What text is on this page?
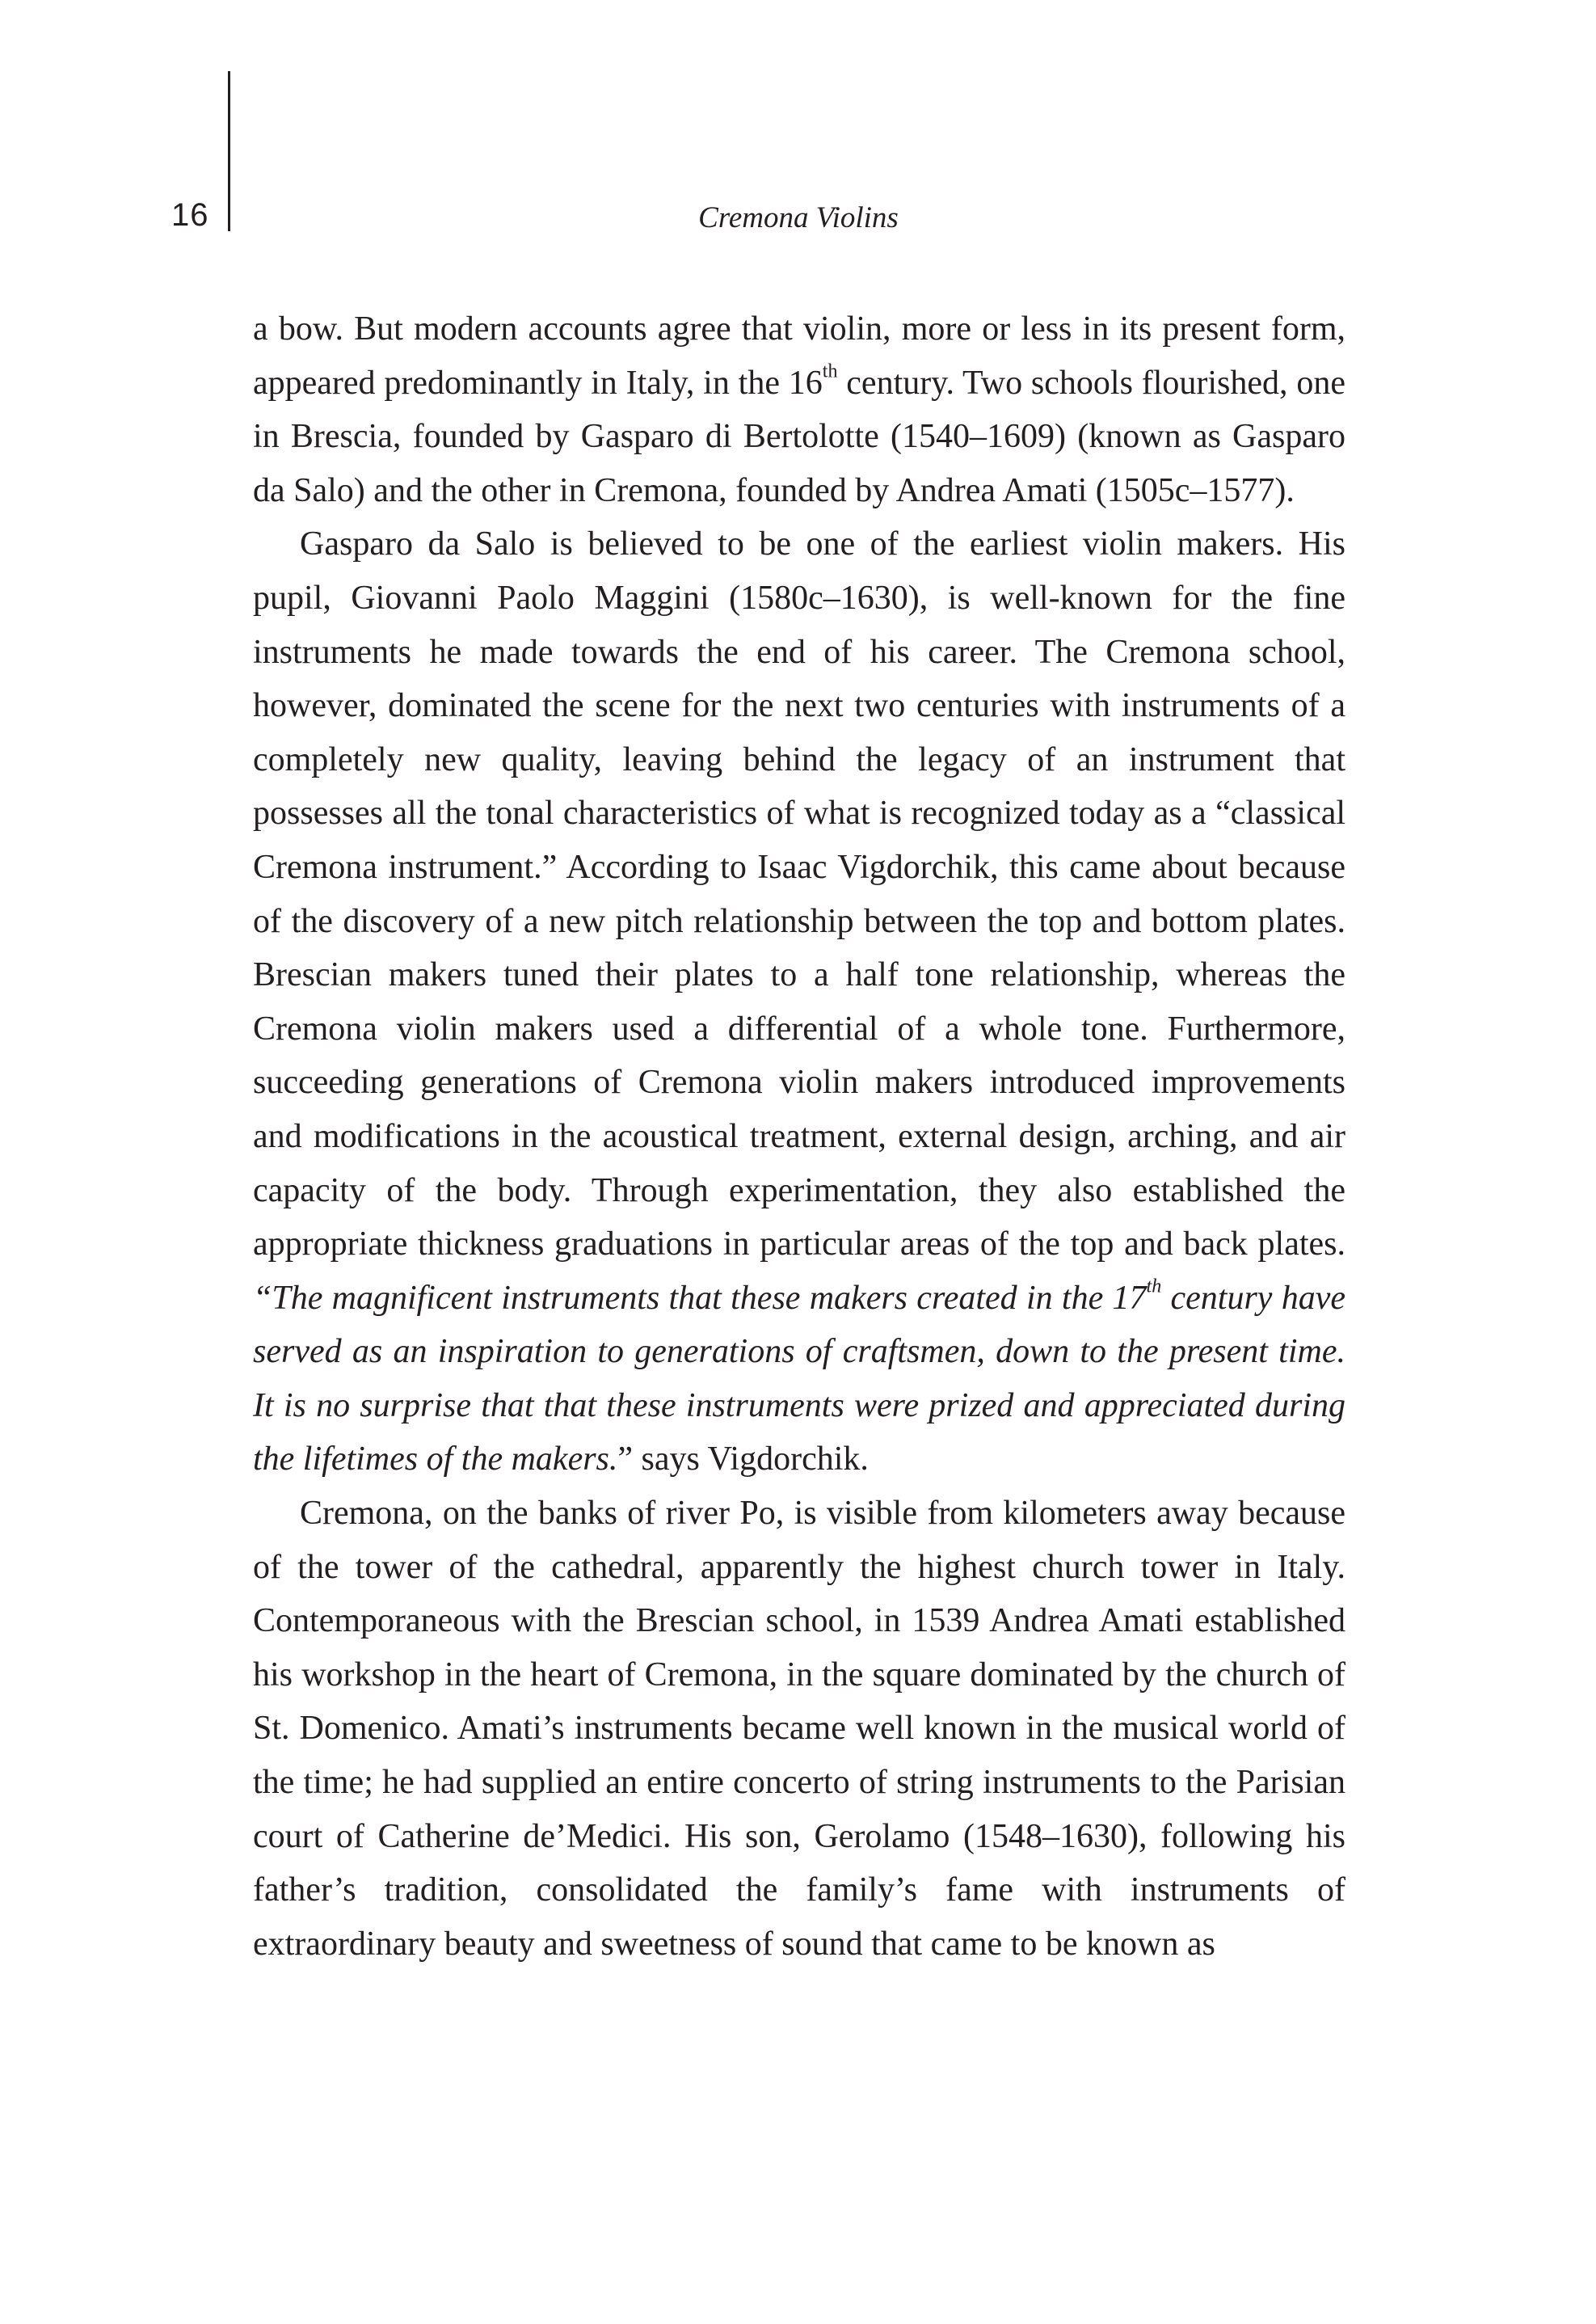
16	Cremona Violins

a bow. But modern accounts agree that violin, more or less in its present form, appeared predominantly in Italy, in the 16th century. Two schools flourished, one in Brescia, founded by Gasparo di Bertolotte (1540–1609) (known as Gasparo da Salo) and the other in Cremona, founded by Andrea Amati (1505c–1577).

Gasparo da Salo is believed to be one of the earliest violin makers. His pupil, Giovanni Paolo Maggini (1580c–1630), is well-known for the fine instruments he made towards the end of his career. The Cremona school, however, dominated the scene for the next two centuries with instruments of a completely new quality, leaving behind the legacy of an instrument that possesses all the tonal characteristics of what is recognized today as a “classical Cremona instrument.” According to Isaac Vigdorchik, this came about because of the discovery of a new pitch relationship between the top and bottom plates. Brescian makers tuned their plates to a half tone relationship, whereas the Cremona violin makers used a differential of a whole tone. Furthermore, succeeding generations of Cremona violin makers introduced improvements and modifications in the acoustical treatment, external design, arching, and air capacity of the body. Through experimentation, they also established the appropriate thickness graduations in particular areas of the top and back plates. “The magnificent instruments that these makers created in the 17th century have served as an inspiration to generations of craftsmen, down to the present time. It is no surprise that that these instruments were prized and appreciated during the lifetimes of the makers.” says Vigdorchik.

Cremona, on the banks of river Po, is visible from kilometers away because of the tower of the cathedral, apparently the highest church tower in Italy. Contemporaneous with the Brescian school, in 1539 Andrea Amati established his workshop in the heart of Cremona, in the square dominated by the church of St. Domenico. Amati’s instruments became well known in the musical world of the time; he had supplied an entire concerto of string instruments to the Parisian court of Catherine de’Medici. His son, Gerolamo (1548–1630), following his father’s tradition, consolidated the family’s fame with instruments of extraordinary beauty and sweetness of sound that came to be known as
